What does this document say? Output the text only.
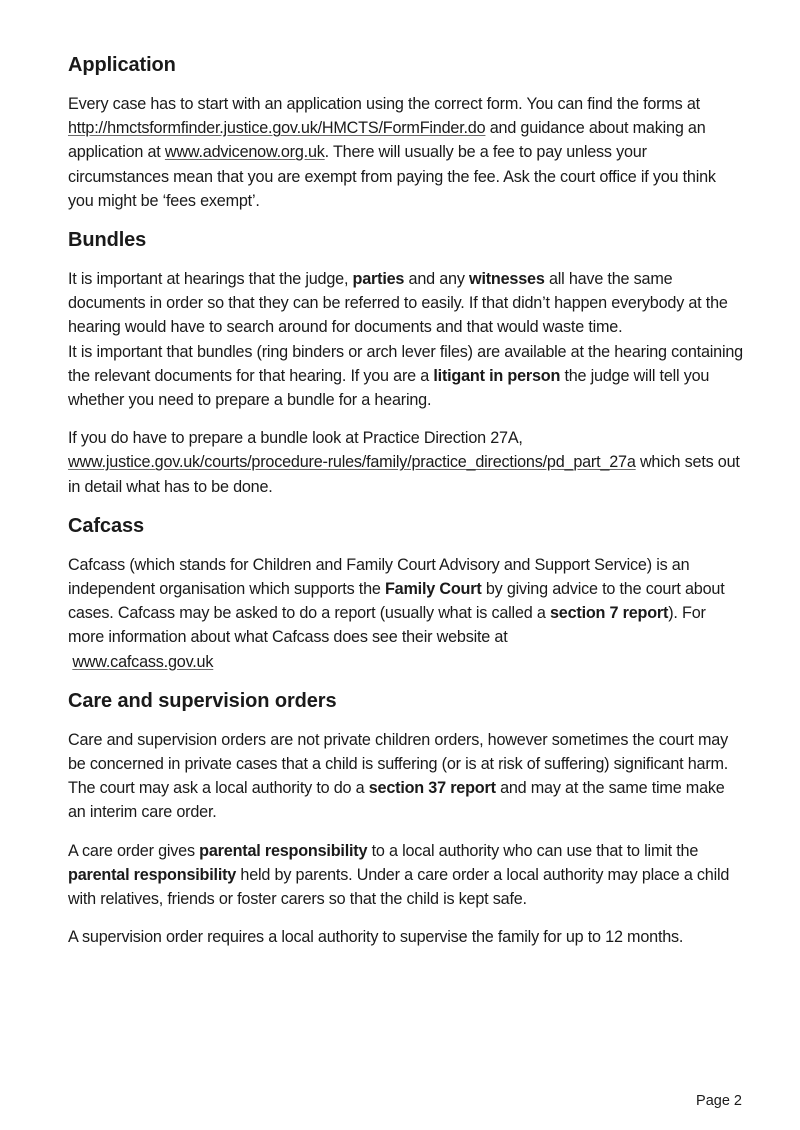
Application

Every case has to start with an application using the correct form. You can find the forms at http://hmctsformfinder.justice.gov.uk/HMCTS/FormFinder.do and guidance about making an application at www.advicenow.org.uk. There will usually be a fee to pay unless your circumstances mean that you are exempt from paying the fee. Ask the court office if you think you might be ‘fees exempt’.

Bundles

It is important at hearings that the judge, parties and any witnesses all have the same documents in order so that they can be referred to easily. If that didn’t happen everybody at the hearing would have to search around for documents and that would waste time.
It is important that bundles (ring binders or arch lever files) are available at the hearing containing the relevant documents for that hearing. If you are a litigant in person the judge will tell you whether you need to prepare a bundle for a hearing.

If you do have to prepare a bundle look at Practice Direction 27A, www.justice.gov.uk/courts/procedure-rules/family/practice_directions/pd_part_27a which sets out in detail what has to be done.

Cafcass

Cafcass (which stands for Children and Family Court Advisory and Support Service) is an independent organisation which supports the Family Court by giving advice to the court about cases. Cafcass may be asked to do a report (usually what is called a section 7 report). For more information about what Cafcass does see their website at
www.cafcass.gov.uk

Care and supervision orders

Care and supervision orders are not private children orders, however sometimes the court may be concerned in private cases that a child is suffering (or is at risk of suffering) significant harm. The court may ask a local authority to do a section 37 report and may at the same time make an interim care order.

A care order gives parental responsibility to a local authority who can use that to limit the parental responsibility held by parents. Under a care order a local authority may place a child with relatives, friends or foster carers so that the child is kept safe.

A supervision order requires a local authority to supervise the family for up to 12 months.

Page 2
